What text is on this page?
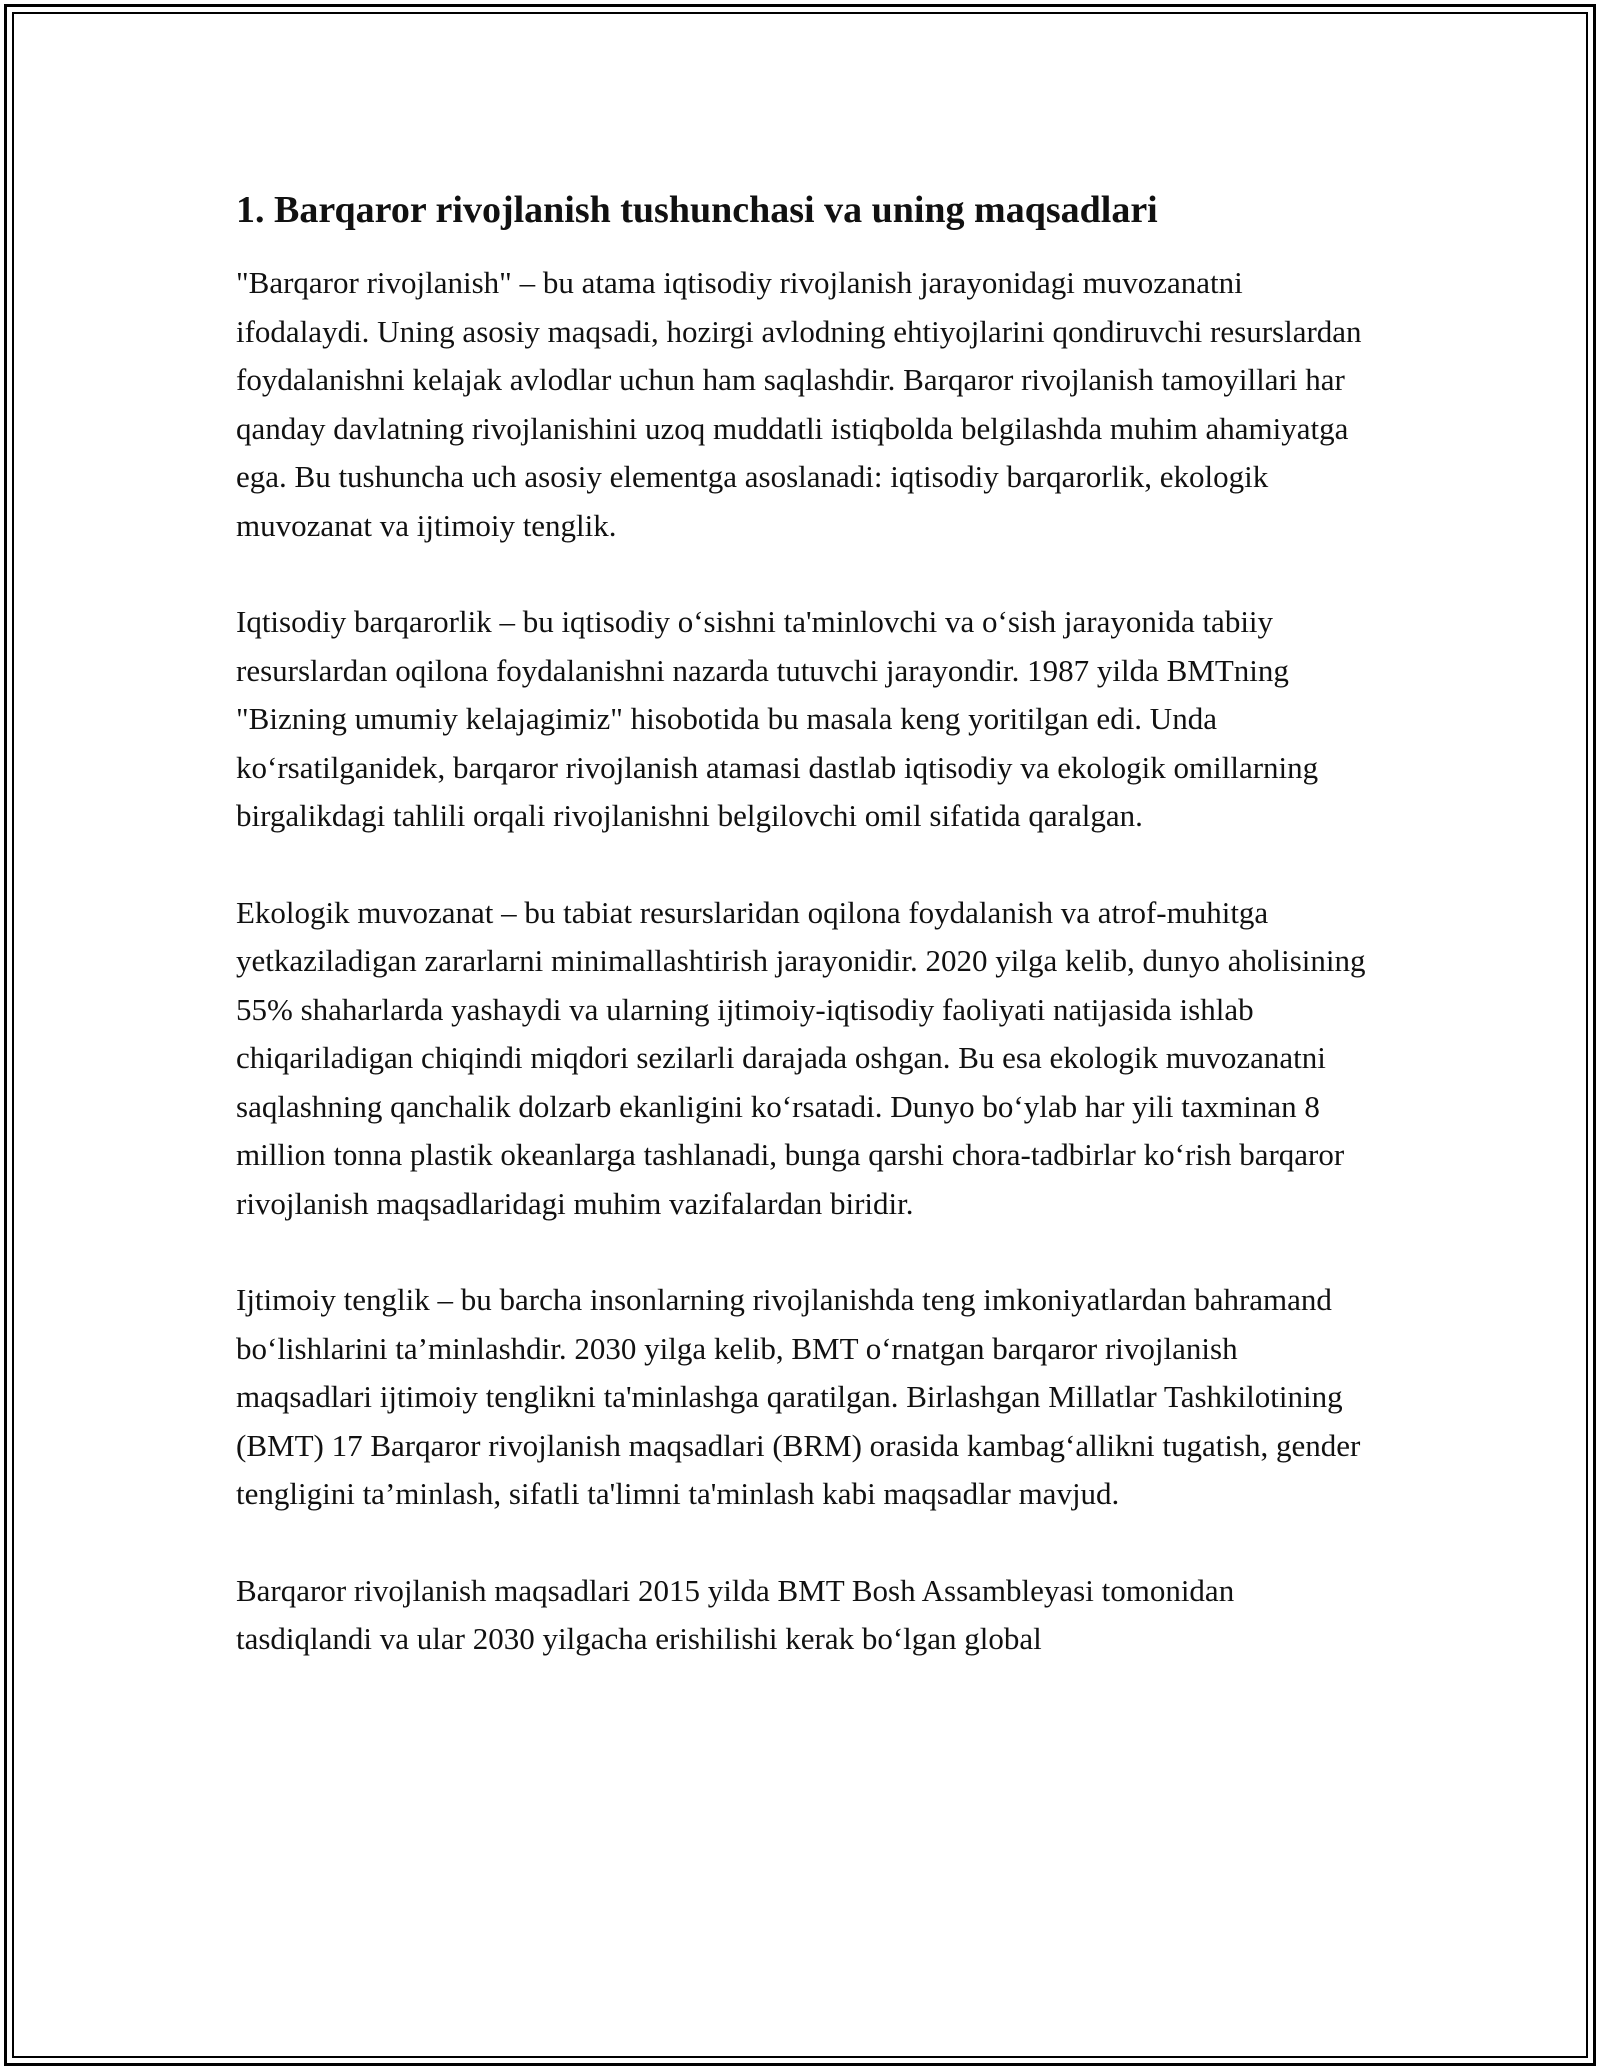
1. Barqaror rivojlanish tushunchasi va uning maqsadlari

"Barqaror rivojlanish" – bu atama iqtisodiy rivojlanish jarayonidagi muvozanatni ifodalaydi. Uning asosiy maqsadi, hozirgi avlodning ehtiyojlarini qondiruvchi resurslardan foydalanishni kelajak avlodlar uchun ham saqlashdir. Barqaror rivojlanish tamoyillari har qanday davlatning rivojlanishini uzoq muddatli istiqbolda belgilashda muhim ahamiyatga ega. Bu tushuncha uch asosiy elementga asoslanadi: iqtisodiy barqarorlik, ekologik muvozanat va ijtimoiy tenglik.

Iqtisodiy barqarorlik – bu iqtisodiy o‘sishni ta'minlovchi va o‘sish jarayonida tabiiy resurslardan oqilona foydalanishni nazarda tutuvchi jarayondir. 1987 yilda BMTning "Bizning umumiy kelajagimiz" hisobotida bu masala keng yoritilgan edi. Unda ko‘rsatilganidek, barqaror rivojlanish atamasi dastlab iqtisodiy va ekologik omillarning birgalikdagi tahlili orqali rivojlanishni belgilovchi omil sifatida qaralgan.

Ekologik muvozanat – bu tabiat resurslaridan oqilona foydalanish va atrof-muhitga yetkaziladigan zararlarni minimallashtirish jarayonidir. 2020 yilga kelib, dunyo aholisining 55% shaharlarda yashaydi va ularning ijtimoiy-iqtisodiy faoliyati natijasida ishlab chiqariladigan chiqindi miqdori sezilarli darajada oshgan. Bu esa ekologik muvozanatni saqlashning qanchalik dolzarb ekanligini ko‘rsatadi. Dunyo bo‘ylab har yili taxminan 8 million tonna plastik okeanlarga tashlanadi, bunga qarshi chora-tadbirlar ko‘rish barqaror rivojlanish maqsadlaridagi muhim vazifalardan biridir.

Ijtimoiy tenglik – bu barcha insonlarning rivojlanishda teng imkoniyatlardan bahramand bo‘lishlarini ta’minlashdir. 2030 yilga kelib, BMT o‘rnatgan barqaror rivojlanish maqsadlari ijtimoiy tenglikni ta'minlashga qaratilgan. Birlashgan Millatlar Tashkilotining (BMT) 17 Barqaror rivojlanish maqsadlari (BRM) orasida kambag‘allikni tugatish, gender tengligini ta’minlash, sifatli ta'limni ta'minlash kabi maqsadlar mavjud.

Barqaror rivojlanish maqsadlari 2015 yilda BMT Bosh Assambleyasi tomonidan tasdiqlandi va ular 2030 yilgacha erishilishi kerak bo‘lgan global
